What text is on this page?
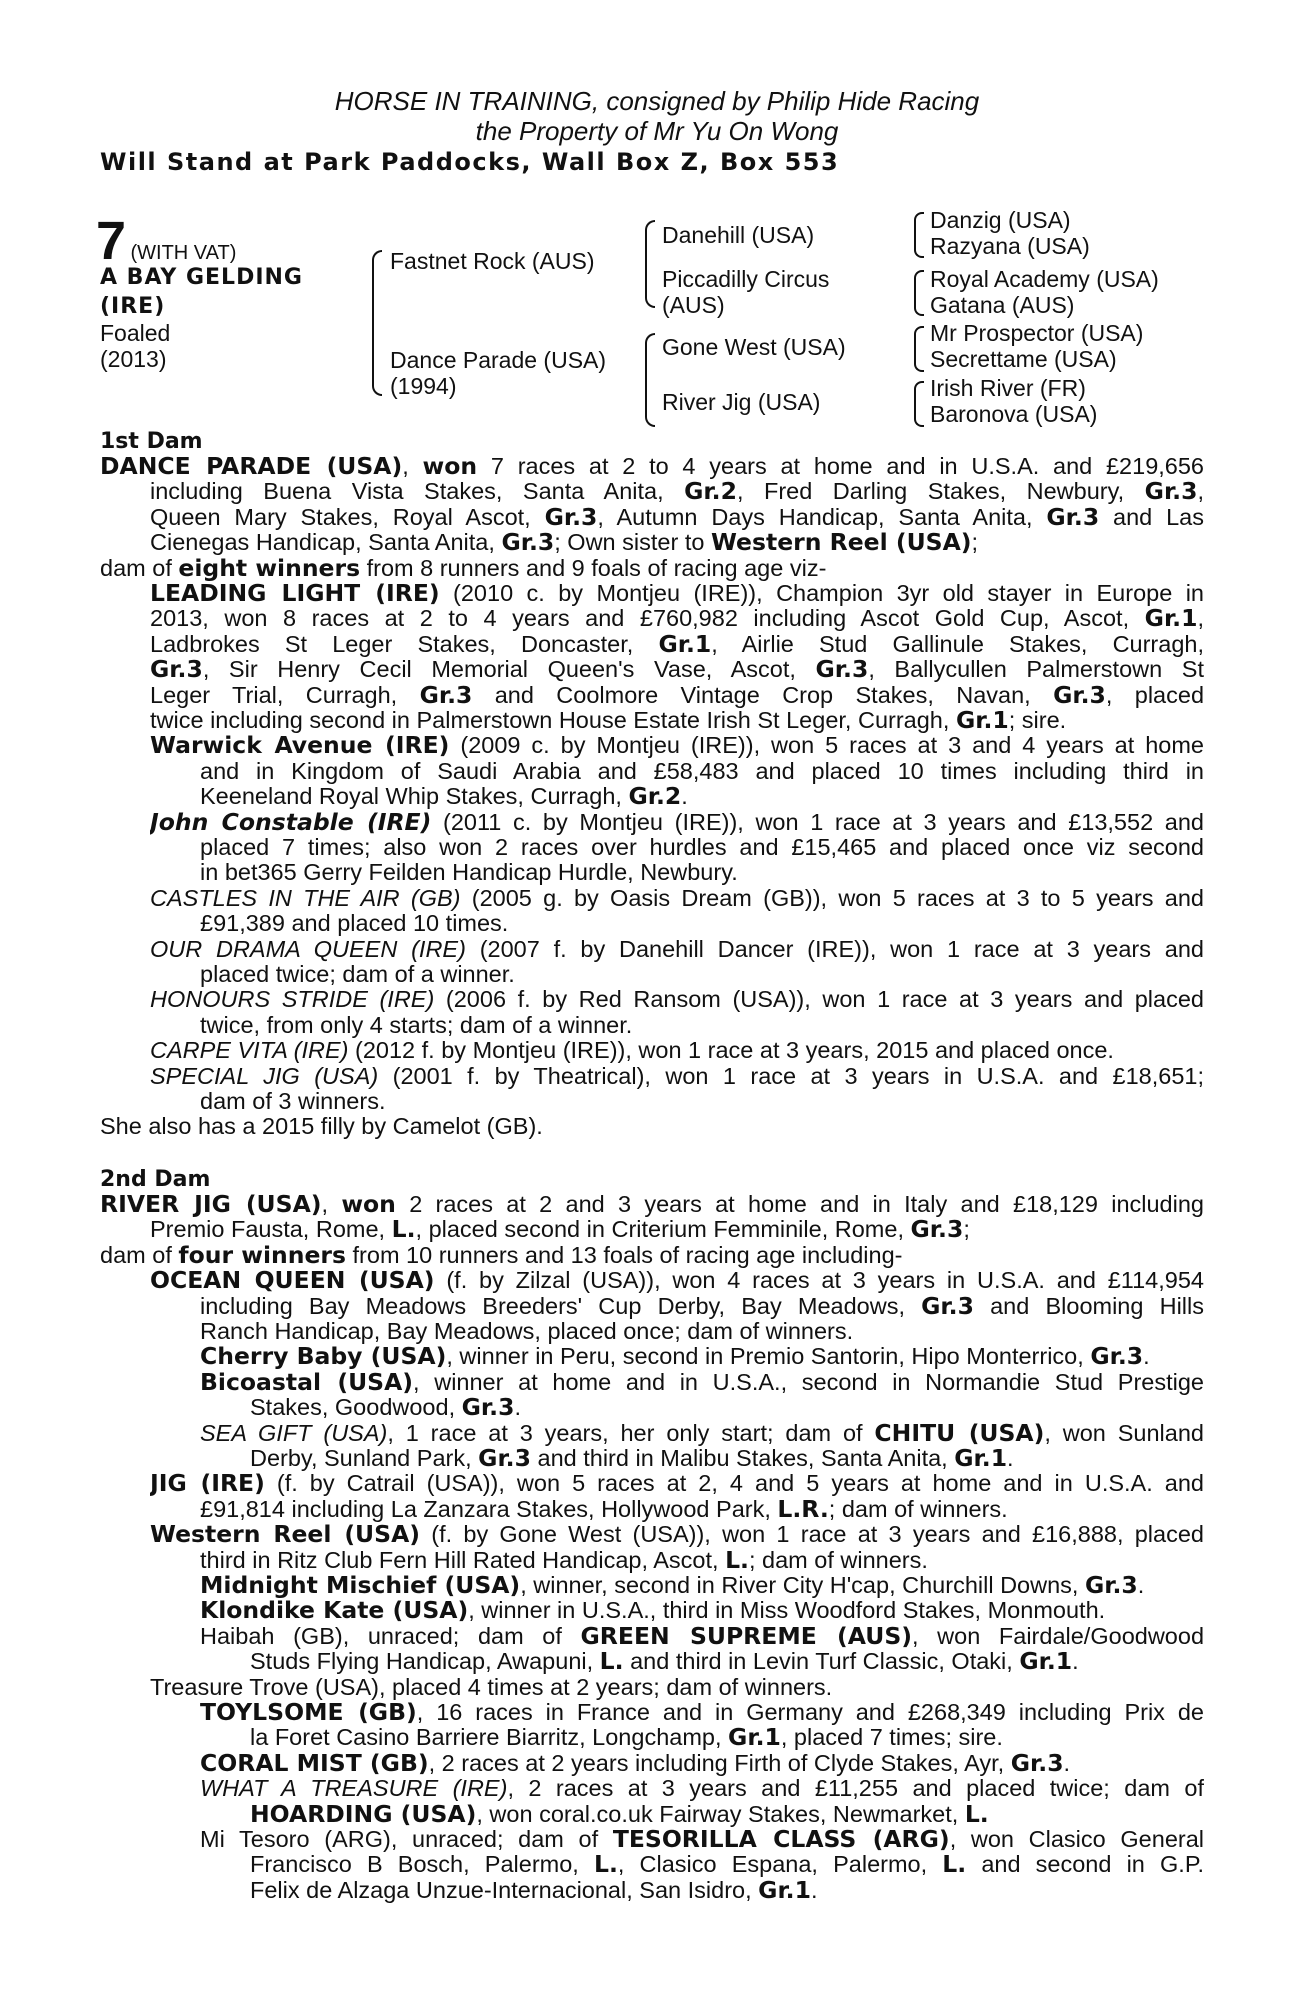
HORSE IN TRAINING, consigned by Philip Hide Racing
the Property of Mr Yu On Wong
Will Stand at Park Paddocks, Wall Box Z, Box 553
7 (WITH VAT)
A BAY GELDING
(IRE)
Foaled
(2013)
Fastnet Rock (AUS)
Dance Parade (USA)
(1994)
Danehill (USA)
Piccadilly Circus
(AUS)
Gone West (USA)
River Jig (USA)
Danzig (USA)
Razyana (USA)
Royal Academy (USA)
Gatana (AUS)
Mr Prospector (USA)
Secrettame (USA)
Irish River (FR)
Baronova (USA)
1st Dam
DANCE PARADE (USA), won 7 races at 2 to 4 years at home and in U.S.A. and £219,656
including Buena Vista Stakes, Santa Anita, Gr.2, Fred Darling Stakes, Newbury, Gr.3,
Queen Mary Stakes, Royal Ascot, Gr.3, Autumn Days Handicap, Santa Anita, Gr.3 and Las
Cienegas Handicap, Santa Anita, Gr.3; Own sister to Western Reel (USA);
dam of eight winners from 8 runners and 9 foals of racing age viz-
LEADING LIGHT (IRE) (2010 c. by Montjeu (IRE)), Champion 3yr old stayer in Europe in
2013, won 8 races at 2 to 4 years and £760,982 including Ascot Gold Cup, Ascot, Gr.1,
Ladbrokes St Leger Stakes, Doncaster, Gr.1, Airlie Stud Gallinule Stakes, Curragh,
Gr.3, Sir Henry Cecil Memorial Queen's Vase, Ascot, Gr.3, Ballycullen Palmerstown St
Leger Trial, Curragh, Gr.3 and Coolmore Vintage Crop Stakes, Navan, Gr.3, placed
twice including second in Palmerstown House Estate Irish St Leger, Curragh, Gr.1; sire.
Warwick Avenue (IRE) (2009 c. by Montjeu (IRE)), won 5 races at 3 and 4 years at home
and in Kingdom of Saudi Arabia and £58,483 and placed 10 times including third in
Keeneland Royal Whip Stakes, Curragh, Gr.2.
John Constable (IRE) (2011 c. by Montjeu (IRE)), won 1 race at 3 years and £13,552 and
placed 7 times; also won 2 races over hurdles and £15,465 and placed once viz second
in bet365 Gerry Feilden Handicap Hurdle, Newbury.
CASTLES IN THE AIR (GB) (2005 g. by Oasis Dream (GB)), won 5 races at 3 to 5 years and
£91,389 and placed 10 times.
OUR DRAMA QUEEN (IRE) (2007 f. by Danehill Dancer (IRE)), won 1 race at 3 years and
placed twice; dam of a winner.
HONOURS STRIDE (IRE) (2006 f. by Red Ransom (USA)), won 1 race at 3 years and placed
twice, from only 4 starts; dam of a winner.
CARPE VITA (IRE) (2012 f. by Montjeu (IRE)), won 1 race at 3 years, 2015 and placed once.
SPECIAL JIG (USA) (2001 f. by Theatrical), won 1 race at 3 years in U.S.A. and £18,651;
dam of 3 winners.
She also has a 2015 filly by Camelot (GB).
2nd Dam
RIVER JIG (USA), won 2 races at 2 and 3 years at home and in Italy and £18,129 including
Premio Fausta, Rome, L., placed second in Criterium Femminile, Rome, Gr.3;
dam of four winners from 10 runners and 13 foals of racing age including-
OCEAN QUEEN (USA) (f. by Zilzal (USA)), won 4 races at 3 years in U.S.A. and £114,954
including Bay Meadows Breeders' Cup Derby, Bay Meadows, Gr.3 and Blooming Hills
Ranch Handicap, Bay Meadows, placed once; dam of winners.
Cherry Baby (USA), winner in Peru, second in Premio Santorin, Hipo Monterrico, Gr.3.
Bicoastal (USA), winner at home and in U.S.A., second in Normandie Stud Prestige
Stakes, Goodwood, Gr.3.
SEA GIFT (USA), 1 race at 3 years, her only start; dam of CHITU (USA), won Sunland
Derby, Sunland Park, Gr.3 and third in Malibu Stakes, Santa Anita, Gr.1.
JIG (IRE) (f. by Catrail (USA)), won 5 races at 2, 4 and 5 years at home and in U.S.A. and
£91,814 including La Zanzara Stakes, Hollywood Park, L.R.; dam of winners.
Western Reel (USA) (f. by Gone West (USA)), won 1 race at 3 years and £16,888, placed
third in Ritz Club Fern Hill Rated Handicap, Ascot, L.; dam of winners.
Midnight Mischief (USA), winner, second in River City H'cap, Churchill Downs, Gr.3.
Klondike Kate (USA), winner in U.S.A., third in Miss Woodford Stakes, Monmouth.
Haibah (GB), unraced; dam of GREEN SUPREME (AUS), won Fairdale/Goodwood
Studs Flying Handicap, Awapuni, L. and third in Levin Turf Classic, Otaki, Gr.1.
Treasure Trove (USA), placed 4 times at 2 years; dam of winners.
TOYLSOME (GB), 16 races in France and in Germany and £268,349 including Prix de
la Foret Casino Barriere Biarritz, Longchamp, Gr.1, placed 7 times; sire.
CORAL MIST (GB), 2 races at 2 years including Firth of Clyde Stakes, Ayr, Gr.3.
WHAT A TREASURE (IRE), 2 races at 3 years and £11,255 and placed twice; dam of
HOARDING (USA), won coral.co.uk Fairway Stakes, Newmarket, L.
Mi Tesoro (ARG), unraced; dam of TESORILLA CLASS (ARG), won Clasico General
Francisco B Bosch, Palermo, L., Clasico Espana, Palermo, L. and second in G.P.
Felix de Alzaga Unzue-Internacional, San Isidro, Gr.1.
